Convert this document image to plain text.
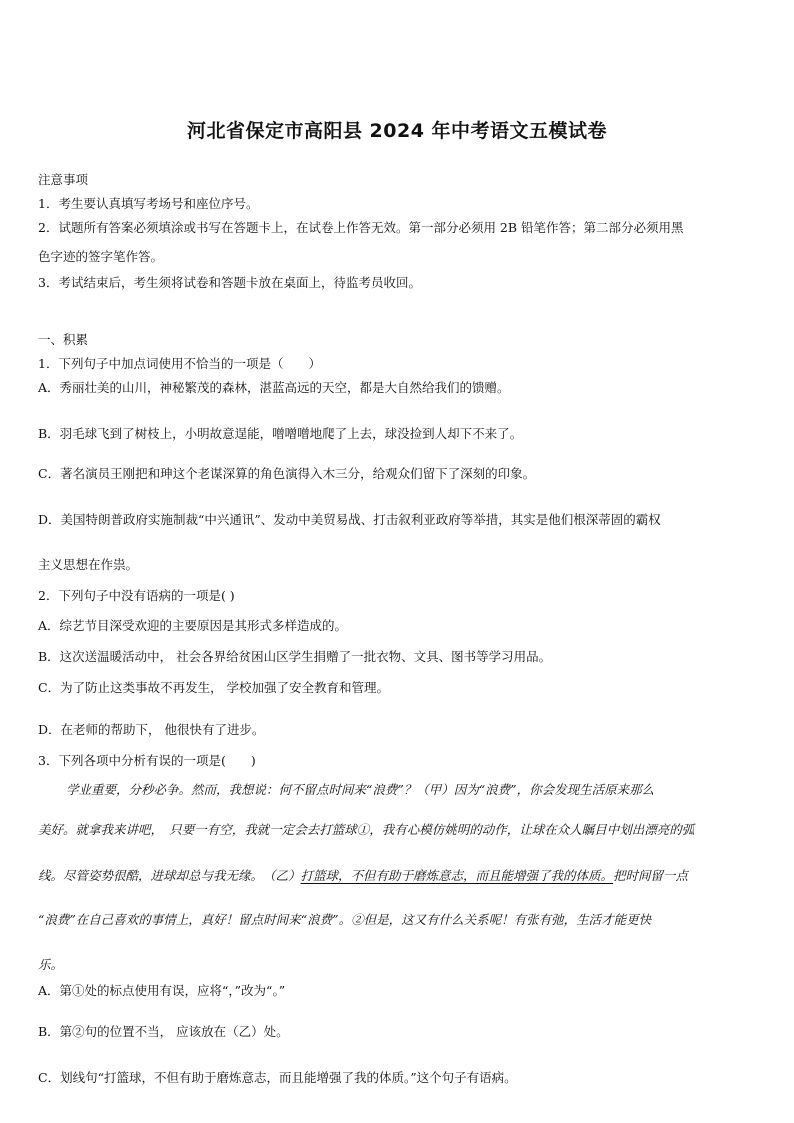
河北省保定市高阳县 2024 年中考语文五模试卷
注意事项
1．考生要认真填写考场号和座位序号。
2．试题所有答案必须填涂或书写在答题卡上，在试卷上作答无效。第一部分必须用 2B 铅笔作答；第二部分必须用黑
色字迹的签字笔作答。
3．考试结束后，考生须将试卷和答题卡放在桌面上，待监考员收回。
一、积累
1．下列句子中加点词使用不恰当的一项是（　　）
A．秀丽壮美的山川，神秘繁茂的森林，湛蓝高远的天空，都是大自然给我们的馈赠。
B．羽毛球飞到了树枝上，小明故意逞能，噌噌噌地爬了上去，球没捡到人却下不来了。
C．著名演员王刚把和珅这个老谋深算的角色演得入木三分，给观众们留下了深刻的印象。
D．美国特朗普政府实施制裁“中兴通讯”、发动中美贸易战、打击叙利亚政府等举措，其实是他们根深蒂固的霸权
主义思想在作祟。
2．下列句子中没有语病的一项是( )
A．综艺节目深受欢迎的主要原因是其形式多样造成的。
B．这次送温暖活动中， 社会各界给贫困山区学生捐赠了一批衣物、文具、图书等学习用品。
C．为了防止这类事故不再发生， 学校加强了安全教育和管理。
D．在老师的帮助下， 他很快有了进步。
3．下列各项中分析有误的一项是(　　)
学业重要，分秒必争。然而，我想说：何不留点时间来“浪费”？（甲）因为“浪费”，你会发现生活原来那么
美好。就拿我来讲吧，　只要一有空，我就一定会去打篮球①，我有心模仿姚明的动作，让球在众人瞩目中划出漂亮的弧
线。尽管姿势很酷，进球却总与我无缘。　（乙）打篮球，不但有助于磨炼意志，而且能增强了我的体质。把时间留一点
“浪费”在自己喜欢的事情上，真好！留点时间来“浪费”。②但是，这又有什么关系呢！有张有弛，生活才能更快
乐。
A．第①处的标点使用有误，应将“，”改为“。”
B．第②句的位置不当， 应该放在（乙）处。
C．划线句“打篮球，不但有助于磨炼意志，而且能增强了我的体质。”这个句子有语病。
